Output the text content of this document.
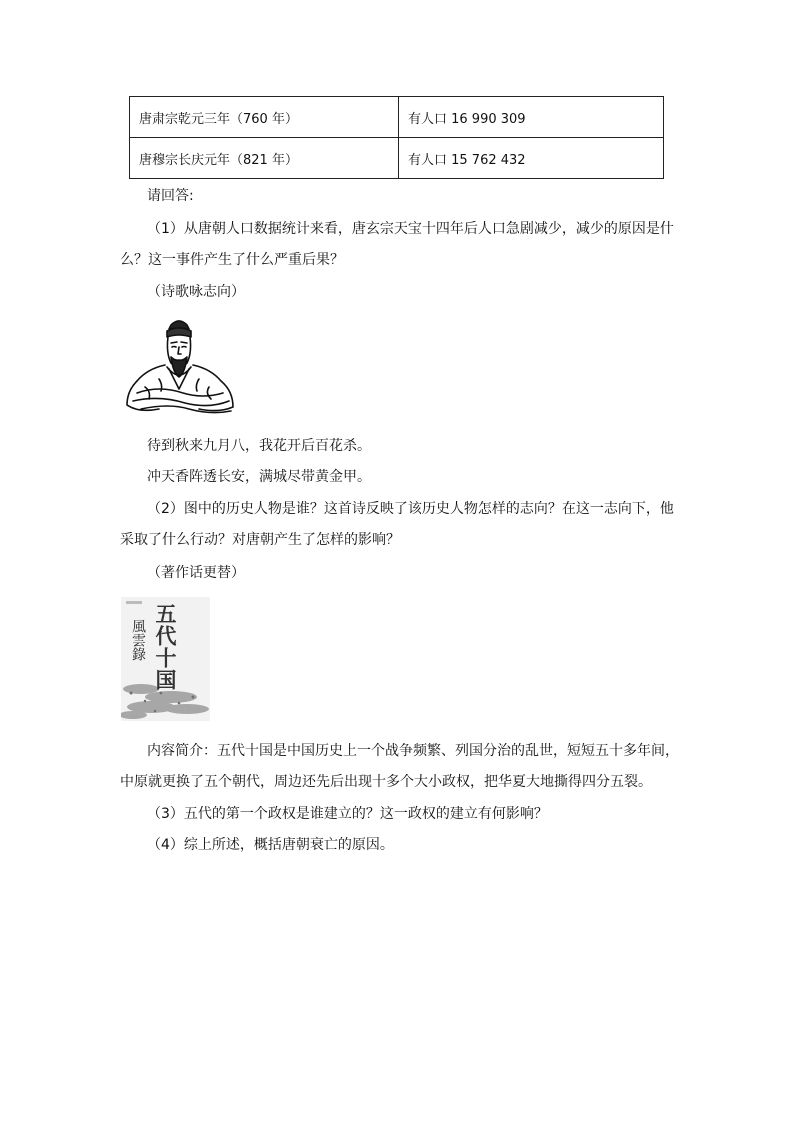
唐肃宗乾元三年（760 年）	有人口 16 990 309
唐穆宗长庆元年（821 年）	有人口 15 762 432
请回答:
（1）从唐朝人口数据统计来看，唐玄宗天宝十四年后人口急剧减少，减少的原因是什
么？这一事件产生了什么严重后果？
（诗歌咏志向）
待到秋来九月八，我花开后百花杀。
冲天香阵透长安，满城尽带黄金甲。
（2）图中的历史人物是谁？这首诗反映了该历史人物怎样的志向？在这一志向下，他
采取了什么行动？对唐朝产生了怎样的影响？
（著作话更替）
五代十国
風雲錄
内容简介：五代十国是中国历史上一个战争频繁、列国分治的乱世，短短五十多年间，
中原就更换了五个朝代，周边还先后出现十多个大小政权，把华夏大地撕得四分五裂。
（3）五代的第一个政权是谁建立的？这一政权的建立有何影响？
（4）综上所述，概括唐朝衰亡的原因。
